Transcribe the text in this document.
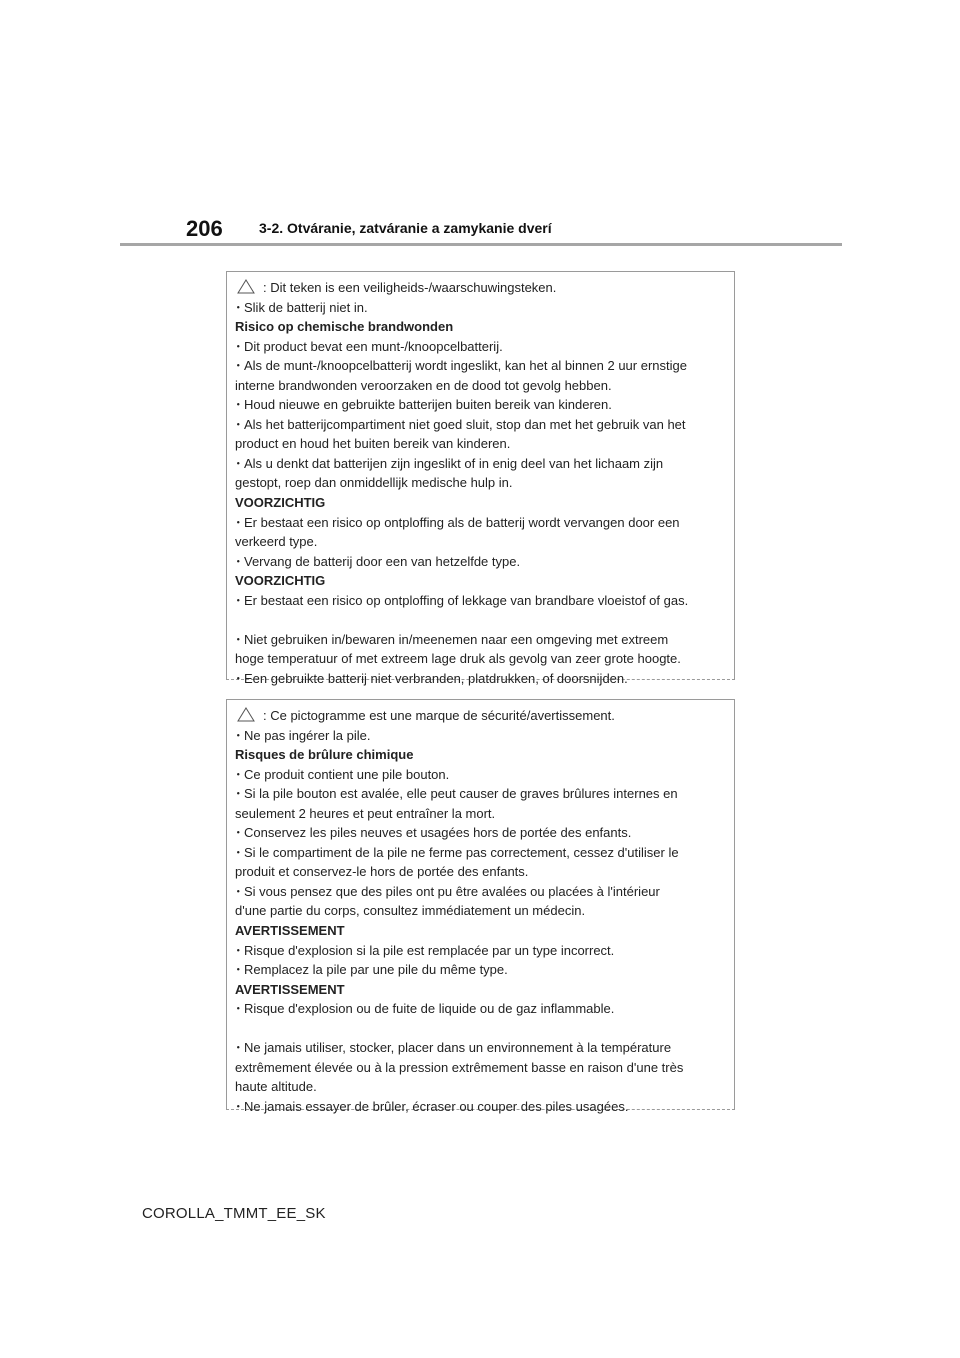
206	3-2. Otváranie, zatváranie a zamykanie dverí
: Dit teken is een veiligheids-/waarschuwingsteken.
･ Slik de batterij niet in.
Risico op chemische brandwonden
･ Dit product bevat een munt-/knoopcelbatterij.
･ Als de munt-/knoopcelbatterij wordt ingeslikt, kan het al binnen 2 uur ernstige
interne brandwonden veroorzaken en de dood tot gevolg hebben.
･ Houd nieuwe en gebruikte batterijen buiten bereik van kinderen.
･ Als het batterijcompartiment niet goed sluit, stop dan met het gebruik van het
product en houd het buiten bereik van kinderen.
･ Als u denkt dat batterijen zijn ingeslikt of in enig deel van het lichaam zijn
gestopt, roep dan onmiddellijk medische hulp in.
VOORZICHTIG
･ Er bestaat een risico op ontploffing als de batterij wordt vervangen door een
verkeerd type.
･ Vervang de batterij door een van hetzelfde type.
VOORZICHTIG
･ Er bestaat een risico op ontploffing of lekkage van brandbare vloeistof of gas.
･ Niet gebruiken in/bewaren in/meenemen naar een omgeving met extreem
hoge temperatuur of met extreem lage druk als gevolg van zeer grote hoogte.
･ Een gebruikte batterij niet verbranden, platdrukken, of doorsnijden.
: Ce pictogramme est une marque de sécurité/avertissement.
･ Ne pas ingérer la pile.
Risques de brûlure chimique
･ Ce produit contient une pile bouton.
･ Si la pile bouton est avalée, elle peut causer de graves brûlures internes en
seulement 2 heures et peut entraîner la mort.
･ Conservez les piles neuves et usagées hors de portée des enfants.
･ Si le compartiment de la pile ne ferme pas correctement, cessez d'utiliser le
produit et conservez-le hors de portée des enfants.
･ Si vous pensez que des piles ont pu être avalées ou placées à l'intérieur
d'une partie du corps, consultez immédiatement un médecin.
AVERTISSEMENT
･ Risque d'explosion si la pile est remplacée par un type incorrect.
･ Remplacez la pile par une pile du même type.
AVERTISSEMENT
･ Risque d'explosion ou de fuite de liquide ou de gaz inflammable.
･ Ne jamais utiliser, stocker, placer dans un environnement à la température
extrêmement élevée ou à la pression extrêmement basse en raison d'une très
haute altitude.
･ Ne jamais essayer de brûler, écraser ou couper des piles usagées.
COROLLA_TMMT_EE_SK
